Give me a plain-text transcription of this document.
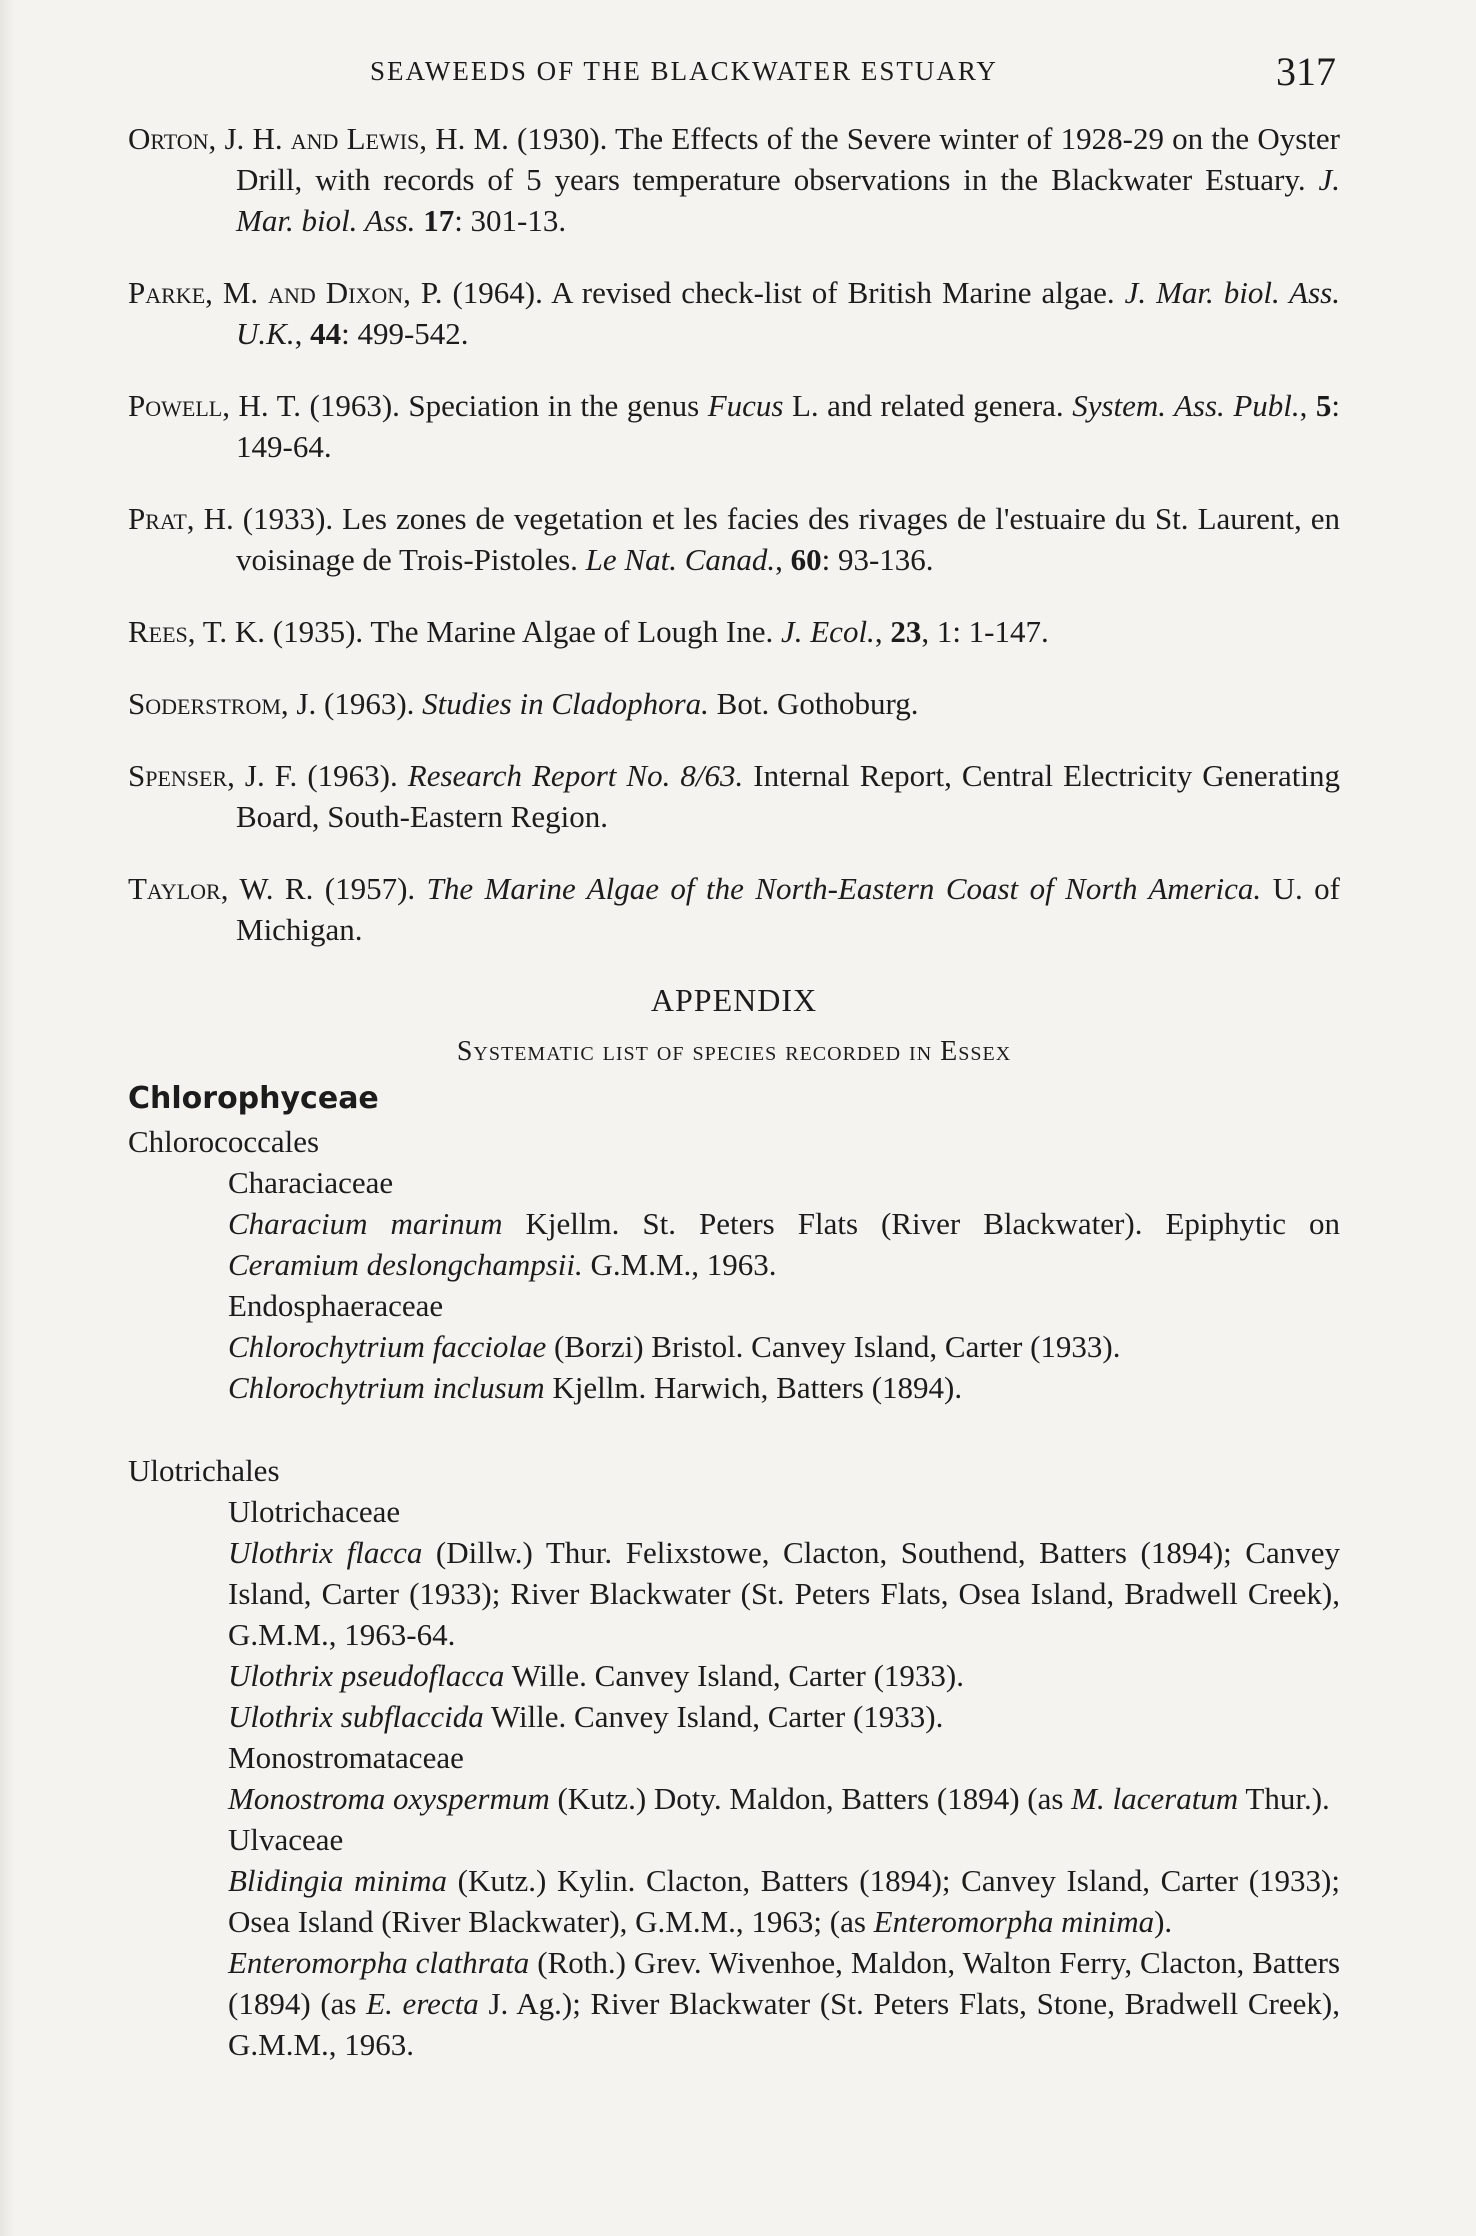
SEAWEEDS OF THE BLACKWATER ESTUARY	317

Orton, J. H. and Lewis, H. M. (1930). The Effects of the Severe winter of 1928-29 on the Oyster Drill, with records of 5 years temperature observations in the Blackwater Estuary. J. Mar. biol. Ass. 17: 301-13.

Parke, M. and Dixon, P. (1964). A revised check-list of British Marine algae. J. Mar. biol. Ass. U.K., 44: 499-542.

Powell, H. T. (1963). Speciation in the genus Fucus L. and related genera. System. Ass. Publ., 5: 149-64.

Prat, H. (1933). Les zones de vegetation et les facies des rivages de l'estuaire du St. Laurent, en voisinage de Trois-Pistoles. Le Nat. Canad., 60: 93-136.

Rees, T. K. (1935). The Marine Algae of Lough Ine. J. Ecol., 23, 1: 1-147.

Soderstrom, J. (1963). Studies in Cladophora. Bot. Gothoburg.

Spenser, J. F. (1963). Research Report No. 8/63. Internal Report, Central Electricity Generating Board, South-Eastern Region.

Taylor, W. R. (1957). The Marine Algae of the North-Eastern Coast of North America. U. of Michigan.

APPENDIX
Systematic list of species recorded in Essex
Chlorophyceae
Chlorococcales
Characiaceae
Characium marinum Kjellm. St. Peters Flats (River Blackwater). Epiphytic on Ceramium deslongchampsii. G.M.M., 1963.
Endosphaeraceae
Chlorochytrium facciolae (Borzi) Bristol. Canvey Island, Carter (1933).
Chlorochytrium inclusum Kjellm. Harwich, Batters (1894).
Ulotrichales
Ulotrichaceae
Ulothrix flacca (Dillw.) Thur. Felixstowe, Clacton, Southend, Batters (1894); Canvey Island, Carter (1933); River Blackwater (St. Peters Flats, Osea Island, Bradwell Creek), G.M.M., 1963-64.
Ulothrix pseudoflacca Wille. Canvey Island, Carter (1933).
Ulothrix subflaccida Wille. Canvey Island, Carter (1933).
Monostromataceae
Monostroma oxyspermum (Kutz.) Doty. Maldon, Batters (1894) (as M. laceratum Thur.).
Ulvaceae
Blidingia minima (Kutz.) Kylin. Clacton, Batters (1894); Canvey Island, Carter (1933); Osea Island (River Blackwater), G.M.M., 1963; (as Enteromorpha minima).
Enteromorpha clathrata (Roth.) Grev. Wivenhoe, Maldon, Walton Ferry, Clacton, Batters (1894) (as E. erecta J. Ag.); River Blackwater (St. Peters Flats, Stone, Bradwell Creek), G.M.M., 1963.
